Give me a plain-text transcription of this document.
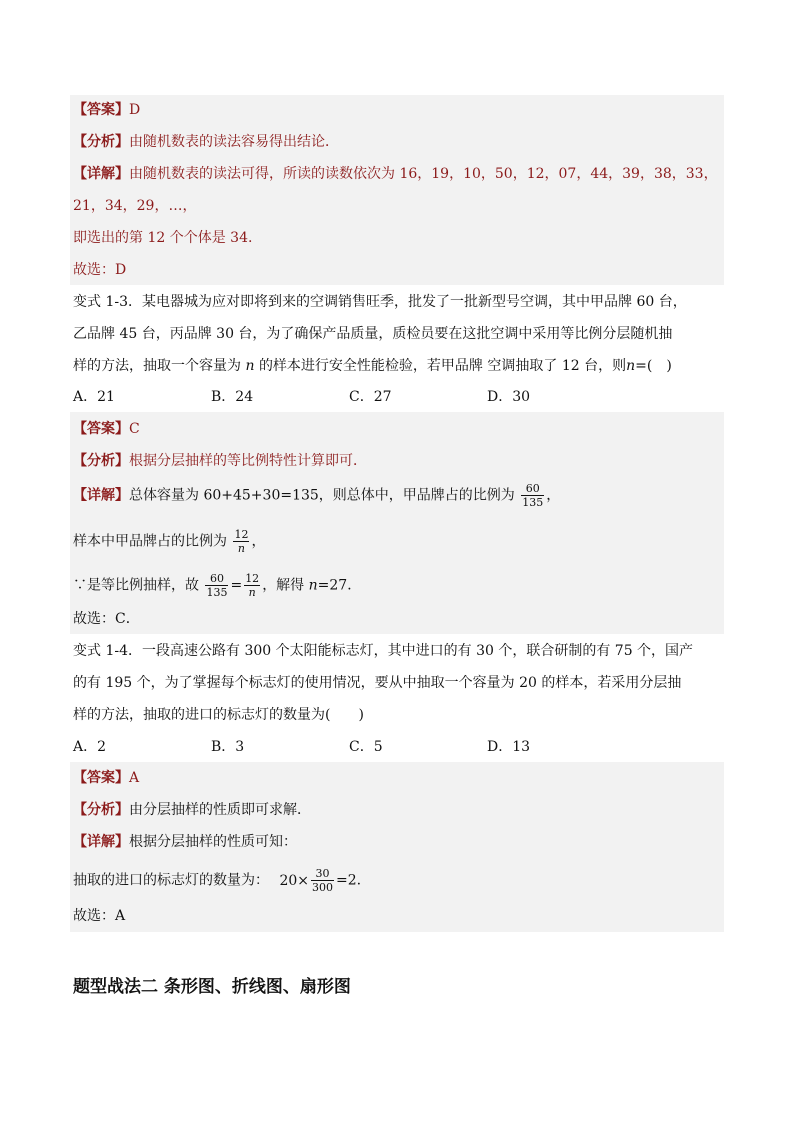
【答案】D
【分析】由随机数表的读法容易得出结论．
【详解】由随机数表的读法可得，所读的读数依次为 16，19，10，50，12，07，44，39，38，33，
21，34，29，…，
即选出的第 12 个个体是 34.
故选：D
变式 1-3．某电器城为应对即将到来的空调销售旺季，批发了一批新型号空调，其中甲品牌 60 台，
乙品牌 45 台，丙品牌 30 台，为了确保产品质量，质检员要在这批空调中采用等比例分层随机抽
样的方法，抽取一个容量为 n 的样本进行安全性能检验，若甲品牌 空调抽取了 12 台，则n=(　)
A．21	B．24	C．27	D．30
【答案】C
【分析】根据分层抽样的等比例特性计算即可．
【详解】总体容量为 60+45+30=135，则总体中，甲品牌占的比例为 $\frac{60}{135}$ ，
样本中甲品牌占的比例为 $\frac{12}{n}$ ，
∵是等比例抽样，故 $\frac{60}{135} = \frac{12}{n}$ ，解得 n=27．
故选：C．
变式 1-4．一段高速公路有 300 个太阳能标志灯，其中进口的有 30 个，联合研制的有 75 个，国产
的有 195 个，为了掌握每个标志灯的使用情况，要从中抽取一个容量为 20 的样本，若采用分层抽
样的方法，抽取的进口的标志灯的数量为(　　)
A．2	B．3	C．5	D．13
【答案】A
【分析】由分层抽样的性质即可求解．
【详解】根据分层抽样的性质可知：
抽取的进口的标志灯的数量为： $20\times \frac{30}{300} =2$.
故选：A
题型战法二 条形图、折线图、扇形图
